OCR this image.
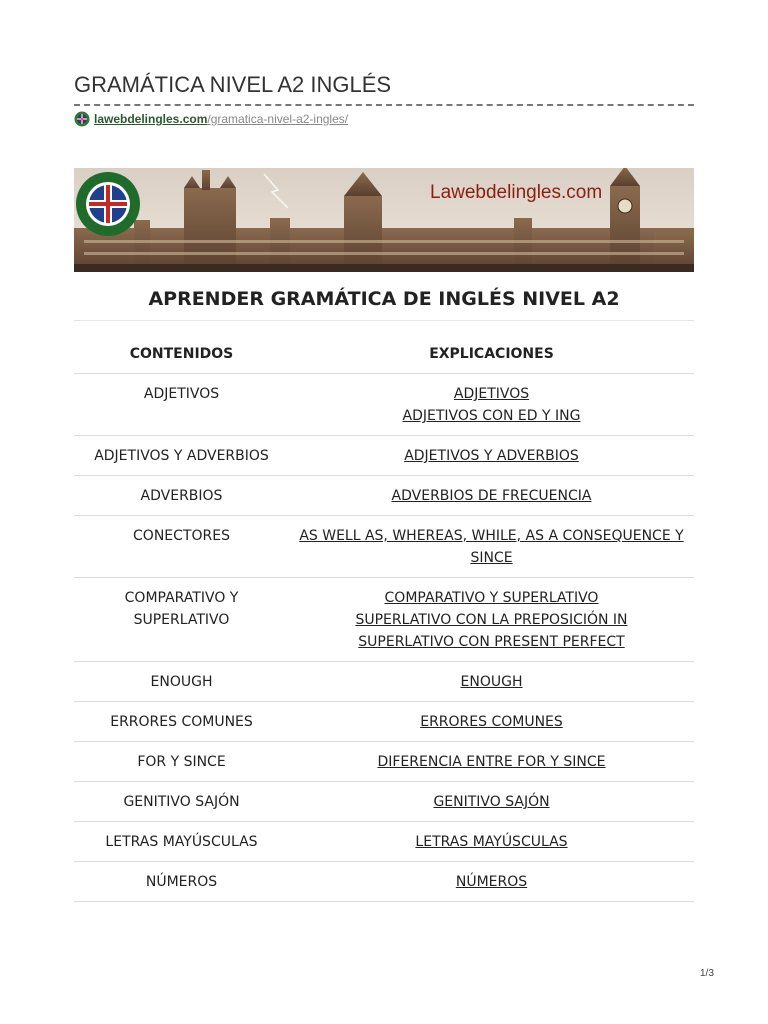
GRAMÁTICA NIVEL A2 INGLÉS
lawebdelingles.com /gramatica-nivel-a2-ingles/
Lawebdelingles.com
APRENDER GRAMÁTICA DE INGLÉS NIVEL A2
CONTENIDOS	EXPLICACIONES

ADJETIVOS	ADJETIVOS
ADJETIVOS CON ED Y ING

ADJETIVOS Y ADVERBIOS	ADJETIVOS Y ADVERBIOS

ADVERBIOS	ADVERBIOS DE FRECUENCIA

CONECTORES	AS WELL AS, WHEREAS, WHILE, AS A CONSEQUENCE Y
SINCE

COMPARATIVO Y
SUPERLATIVO	COMPARATIVO Y SUPERLATIVO
SUPERLATIVO CON LA PREPOSICIÓN IN
SUPERLATIVO CON PRESENT PERFECT

ENOUGH	ENOUGH

ERRORES COMUNES	ERRORES COMUNES

FOR Y SINCE	DIFERENCIA ENTRE FOR Y SINCE

GENITIVO SAJÓN	GENITIVO SAJÓN

LETRAS MAYÚSCULAS	LETRAS MAYÚSCULAS

NÚMEROS	NÚMEROS
1/3
